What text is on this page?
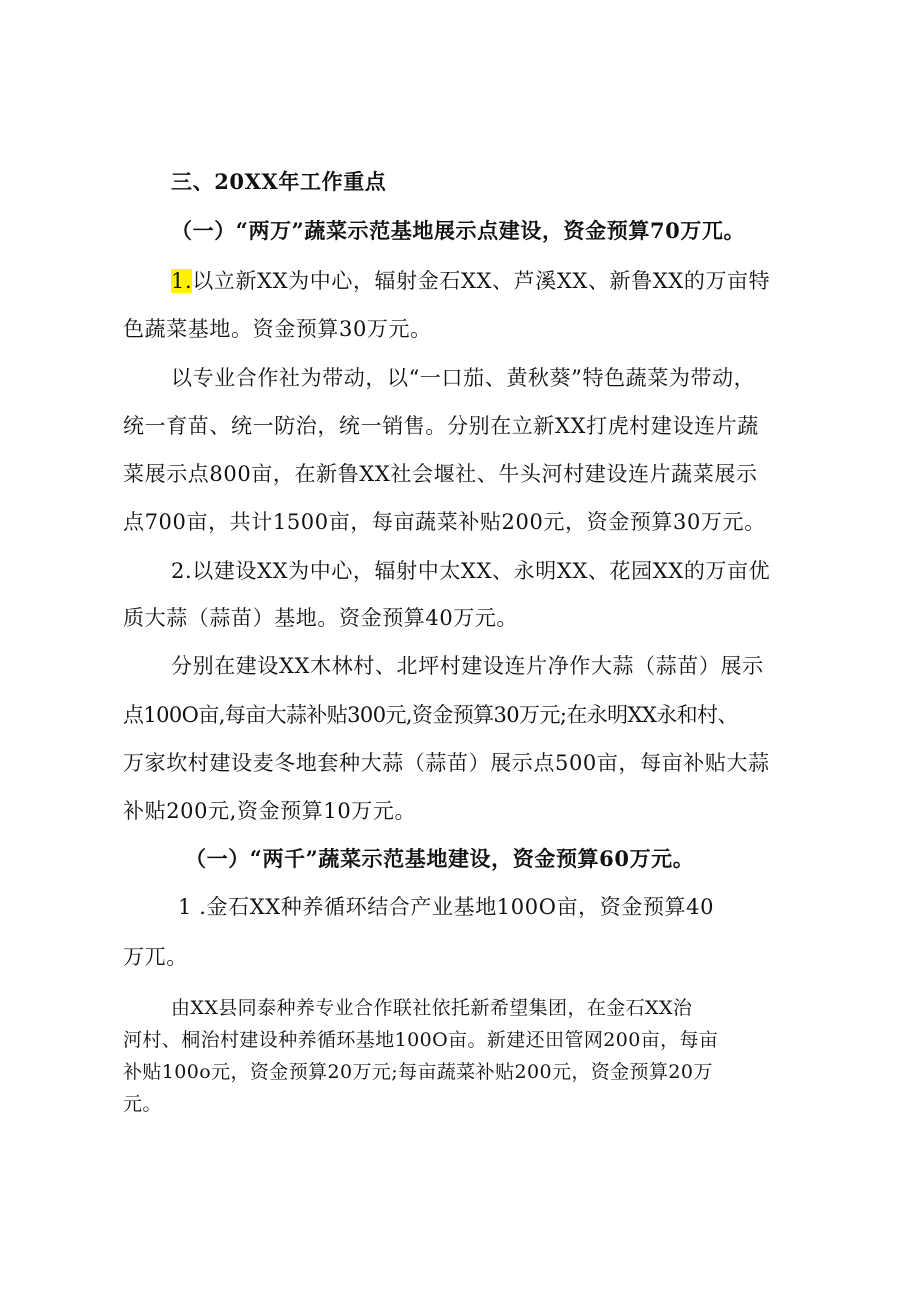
三、20XX年工作重点
（一）“两万”蔬菜示范基地展示点建设，资金预算70万兀。
1.以立新XX为中心，辐射金石XX、芦溪XX、新鲁XX的万亩特
色蔬菜基地。资金预算30万元。
以专业合作社为带动，以“一口茄、黄秋葵”特色蔬菜为带动，
统一育苗、统一防治，统一销售。分别在立新XX打虎村建设连片蔬
菜展示点800亩，在新鲁XX社会堰社、牛头河村建设连片蔬菜展示
点700亩，共计1500亩，每亩蔬菜补贴200元，资金预算30万元。
2.以建设XX为中心，辐射中太XX、永明XX、花园XX的万亩优
质大蒜（蒜苗）基地。资金预算40万元。
分别在建设XX木林村、北坪村建设连片净作大蒜（蒜苗）展示
点100O亩,每亩大蒜补贴300元,资金预算30万元;在永明XX永和村、
万家坎村建设麦冬地套种大蒜（蒜苗）展示点500亩，每亩补贴大蒜
补贴200元,资金预算10万元。
（一）“两千”蔬菜示范基地建设，资金预算60万元。
1 .金石XX种养循环结合产业基地100O亩，资金预算40
万兀。
由XX县同泰种养专业合作联社依托新希望集团，在金石XX治
河村、桐治村建设种养循环基地100O亩。新建还田管网200亩，每亩
补贴100o元，资金预算20万元;每亩蔬菜补贴200元，资金预算20万
元。
